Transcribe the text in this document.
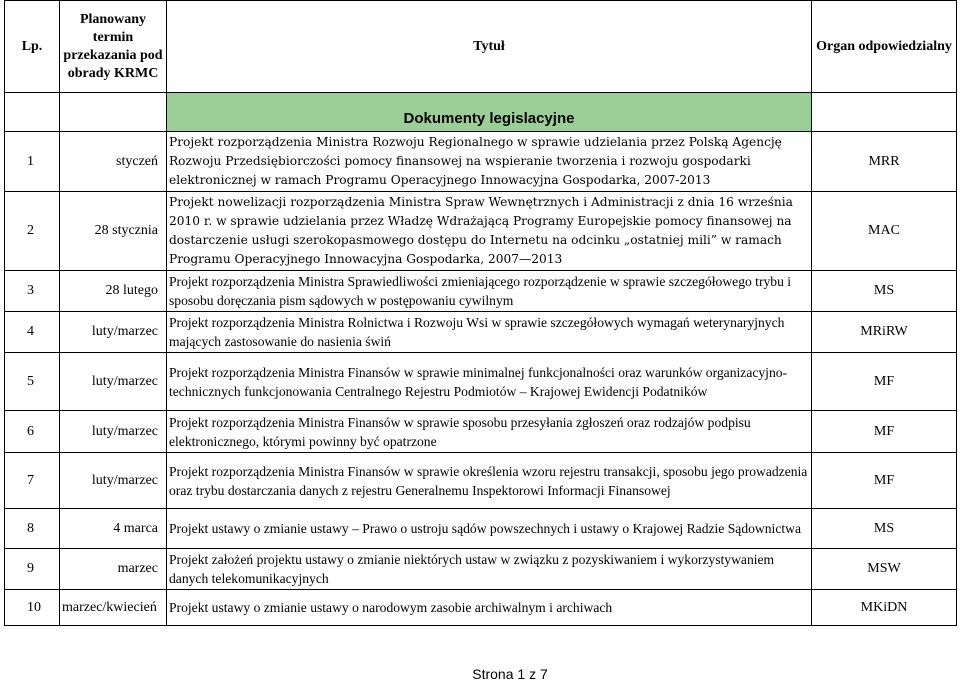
Lp.	Planowany termin przekazania pod obrady KRMC	Tytuł	Organ odpowiedzialny
		Dokumenty legislacyjne	
1	styczeń	Projekt rozporządzenia Ministra Rozwoju Regionalnego w sprawie udzielania przez Polską Agencję Rozwoju Przedsiębiorczości pomocy finansowej na wspieranie tworzenia i rozwoju gospodarki elektronicznej w ramach Programu Operacyjnego Innowacyjna Gospodarka, 2007-2013	MRR
2	28 stycznia	Projekt nowelizacji rozporządzenia Ministra Spraw Wewnętrznych i Administracji z dnia 16 września 2010 r. w sprawie udzielania przez Władzę Wdrażającą Programy Europejskie pomocy finansowej na dostarczenie usługi szerokopasmowego dostępu do Internetu na odcinku „ostatniej mili” w ramach Programu Operacyjnego Innowacyjna Gospodarka, 2007—2013	MAC
3	28 lutego	Projekt rozporządzenia Ministra Sprawiedliwości zmieniającego rozporządzenie w sprawie szczegółowego trybu i sposobu doręczania pism sądowych w postępowaniu cywilnym	MS
4	luty/marzec	Projekt rozporządzenia Ministra Rolnictwa i Rozwoju Wsi w sprawie szczegółowych wymagań weterynaryjnych mających zastosowanie do nasienia świń	MRiRW
5	luty/marzec	Projekt rozporządzenia Ministra Finansów w sprawie minimalnej funkcjonalności oraz warunków organizacyjno-technicznych funkcjonowania Centralnego Rejestru Podmiotów – Krajowej Ewidencji Podatników	MF
6	luty/marzec	Projekt rozporządzenia Ministra Finansów w sprawie sposobu przesyłania zgłoszeń oraz rodzajów podpisu elektronicznego, którymi powinny być opatrzone	MF
7	luty/marzec	Projekt rozporządzenia Ministra Finansów w sprawie określenia wzoru rejestru transakcji, sposobu jego prowadzenia oraz trybu dostarczania danych z rejestru Generalnemu Inspektorowi Informacji Finansowej	MF
8	4 marca	Projekt ustawy o zmianie ustawy – Prawo o ustroju sądów powszechnych i ustawy o Krajowej Radzie Sądownictwa	MS
9	marzec	Projekt założeń projektu ustawy o zmianie niektórych ustaw w związku z pozyskiwaniem i wykorzystywaniem danych telekomunikacyjnych	MSW
10	marzec/kwiecień	Projekt ustawy o zmianie ustawy o narodowym zasobie archiwalnym i archiwach	MKiDN
Strona 1 z 7
